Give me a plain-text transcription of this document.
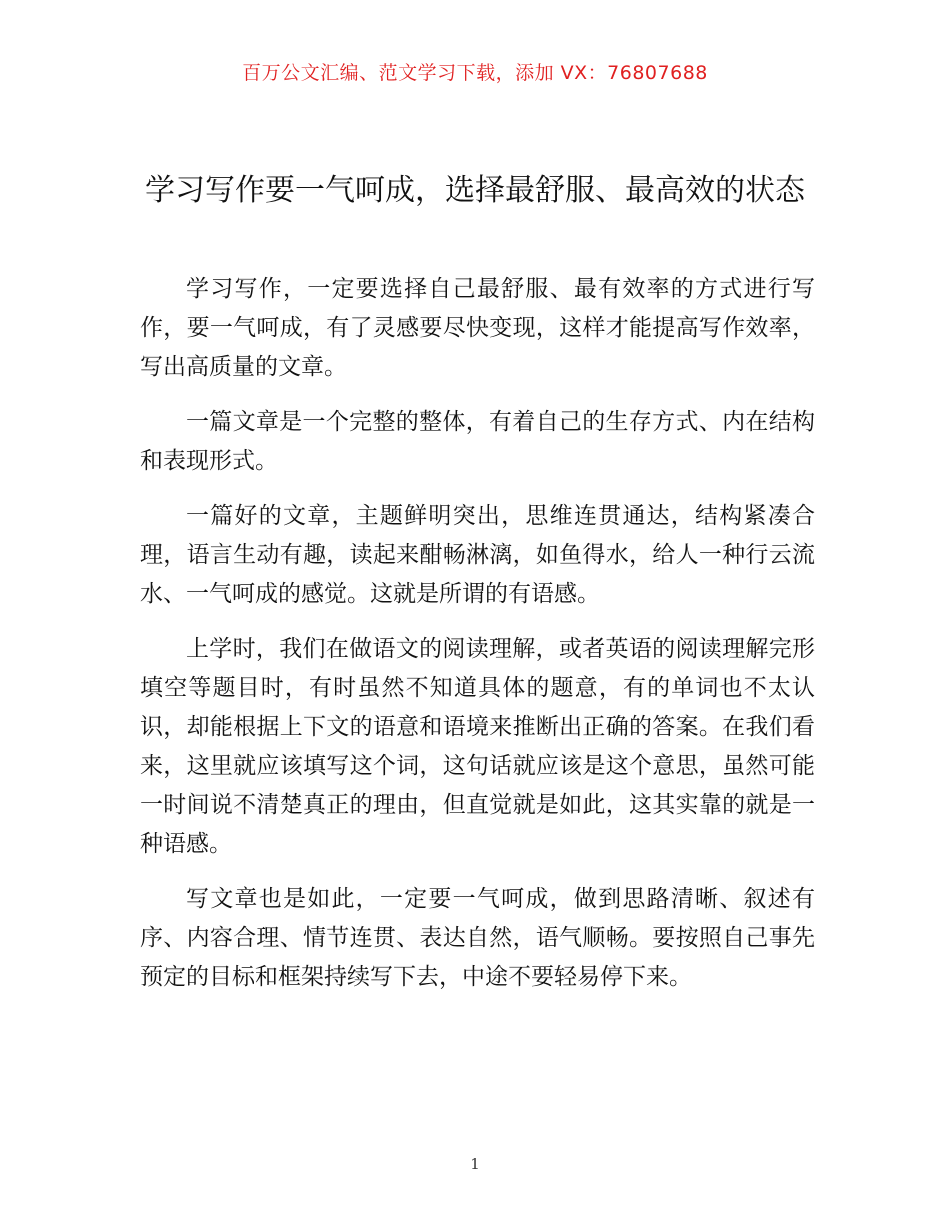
百万公文汇编、范文学习下载，添加 VX：76807688
学习写作要一气呵成，选择最舒服、最高效的状态

学习写作，一定要选择自己最舒服、最有效率的方式进行写作，要一气呵成，有了灵感要尽快变现，这样才能提高写作效率，写出高质量的文章。

一篇文章是一个完整的整体，有着自己的生存方式、内在结构和表现形式。

一篇好的文章，主题鲜明突出，思维连贯通达，结构紧凑合理，语言生动有趣，读起来酣畅淋漓，如鱼得水，给人一种行云流水、一气呵成的感觉。这就是所谓的有语感。

上学时，我们在做语文的阅读理解，或者英语的阅读理解完形填空等题目时，有时虽然不知道具体的题意，有的单词也不太认识，却能根据上下文的语意和语境来推断出正确的答案。在我们看来，这里就应该填写这个词，这句话就应该是这个意思，虽然可能一时间说不清楚真正的理由，但直觉就是如此，这其实靠的就是一种语感。

写文章也是如此，一定要一气呵成，做到思路清晰、叙述有序、内容合理、情节连贯、表达自然，语气顺畅。要按照自己事先预定的目标和框架持续写下去，中途不要轻易停下来。

1
